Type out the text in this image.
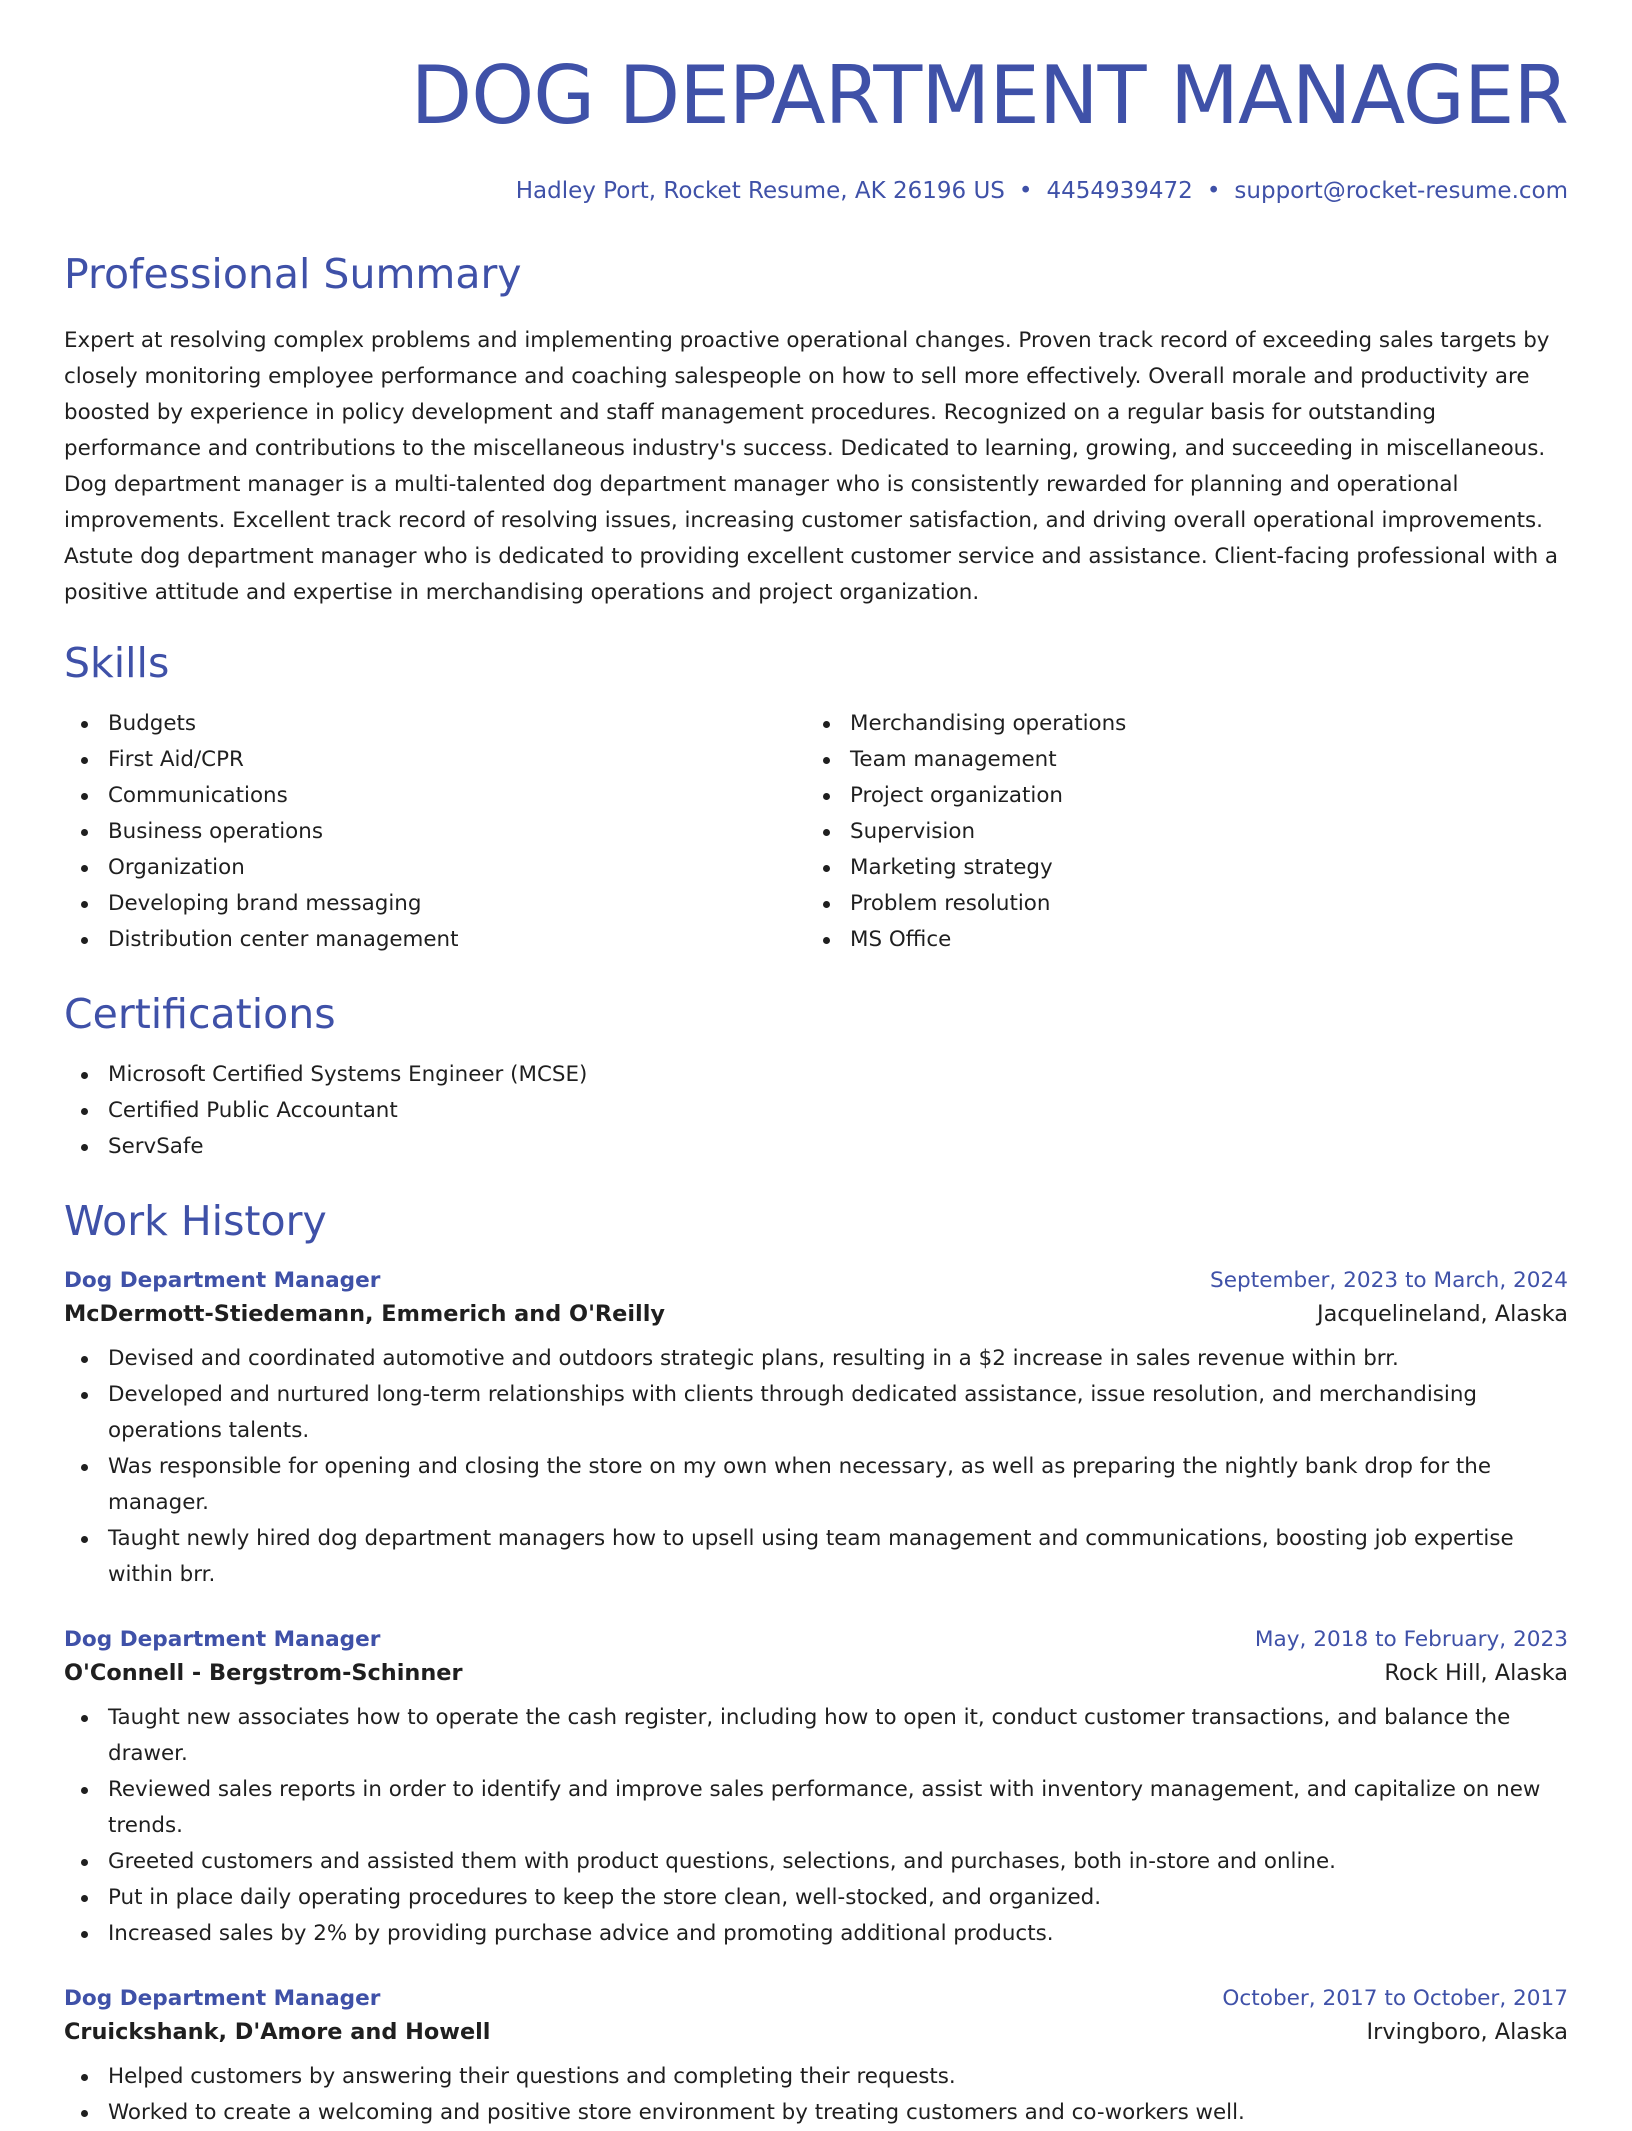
DOG DEPARTMENT MANAGER
Hadley Port, Rocket Resume, AK 26196 US • 4454939472 • support@rocket-resume.com
Professional Summary

Expert at resolving complex problems and implementing proactive operational changes. Proven track record of exceeding sales targets by closely monitoring employee performance and coaching salespeople on how to sell more effectively. Overall morale and productivity are boosted by experience in policy development and staff management procedures. Recognized on a regular basis for outstanding performance and contributions to the miscellaneous industry's success. Dedicated to learning, growing, and succeeding in miscellaneous. Dog department manager is a multi-talented dog department manager who is consistently rewarded for planning and operational improvements. Excellent track record of resolving issues, increasing customer satisfaction, and driving overall operational improvements. Astute dog department manager who is dedicated to providing excellent customer service and assistance. Client-facing professional with a positive attitude and expertise in merchandising operations and project organization.

Skills
Budgets
First Aid/CPR
Communications
Business operations
Organization
Developing brand messaging
Distribution center management
Merchandising operations
Team management
Project organization
Supervision
Marketing strategy
Problem resolution
MS Office
Certifications
Microsoft Certified Systems Engineer (MCSE)
Certified Public Accountant
ServSafe
Work History
Dog Department Manager	September, 2023 to March, 2024
McDermott-Stiedemann, Emmerich and O'Reilly	Jacquelineland, Alaska
Devised and coordinated automotive and outdoors strategic plans, resulting in a $2 increase in sales revenue within brr.
Developed and nurtured long-term relationships with clients through dedicated assistance, issue resolution, and merchandising operations talents.
Was responsible for opening and closing the store on my own when necessary, as well as preparing the nightly bank drop for the manager.
Taught newly hired dog department managers how to upsell using team management and communications, boosting job expertise within brr.
Dog Department Manager	May, 2018 to February, 2023
O'Connell - Bergstrom-Schinner	Rock Hill, Alaska
Taught new associates how to operate the cash register, including how to open it, conduct customer transactions, and balance the drawer.
Reviewed sales reports in order to identify and improve sales performance, assist with inventory management, and capitalize on new trends.
Greeted customers and assisted them with product questions, selections, and purchases, both in-store and online.
Put in place daily operating procedures to keep the store clean, well-stocked, and organized.
Increased sales by 2% by providing purchase advice and promoting additional products.
Dog Department Manager	October, 2017 to October, 2017
Cruickshank, D'Amore and Howell	Irvingboro, Alaska
Helped customers by answering their questions and completing their requests.
Worked to create a welcoming and positive store environment by treating customers and co-workers well.
